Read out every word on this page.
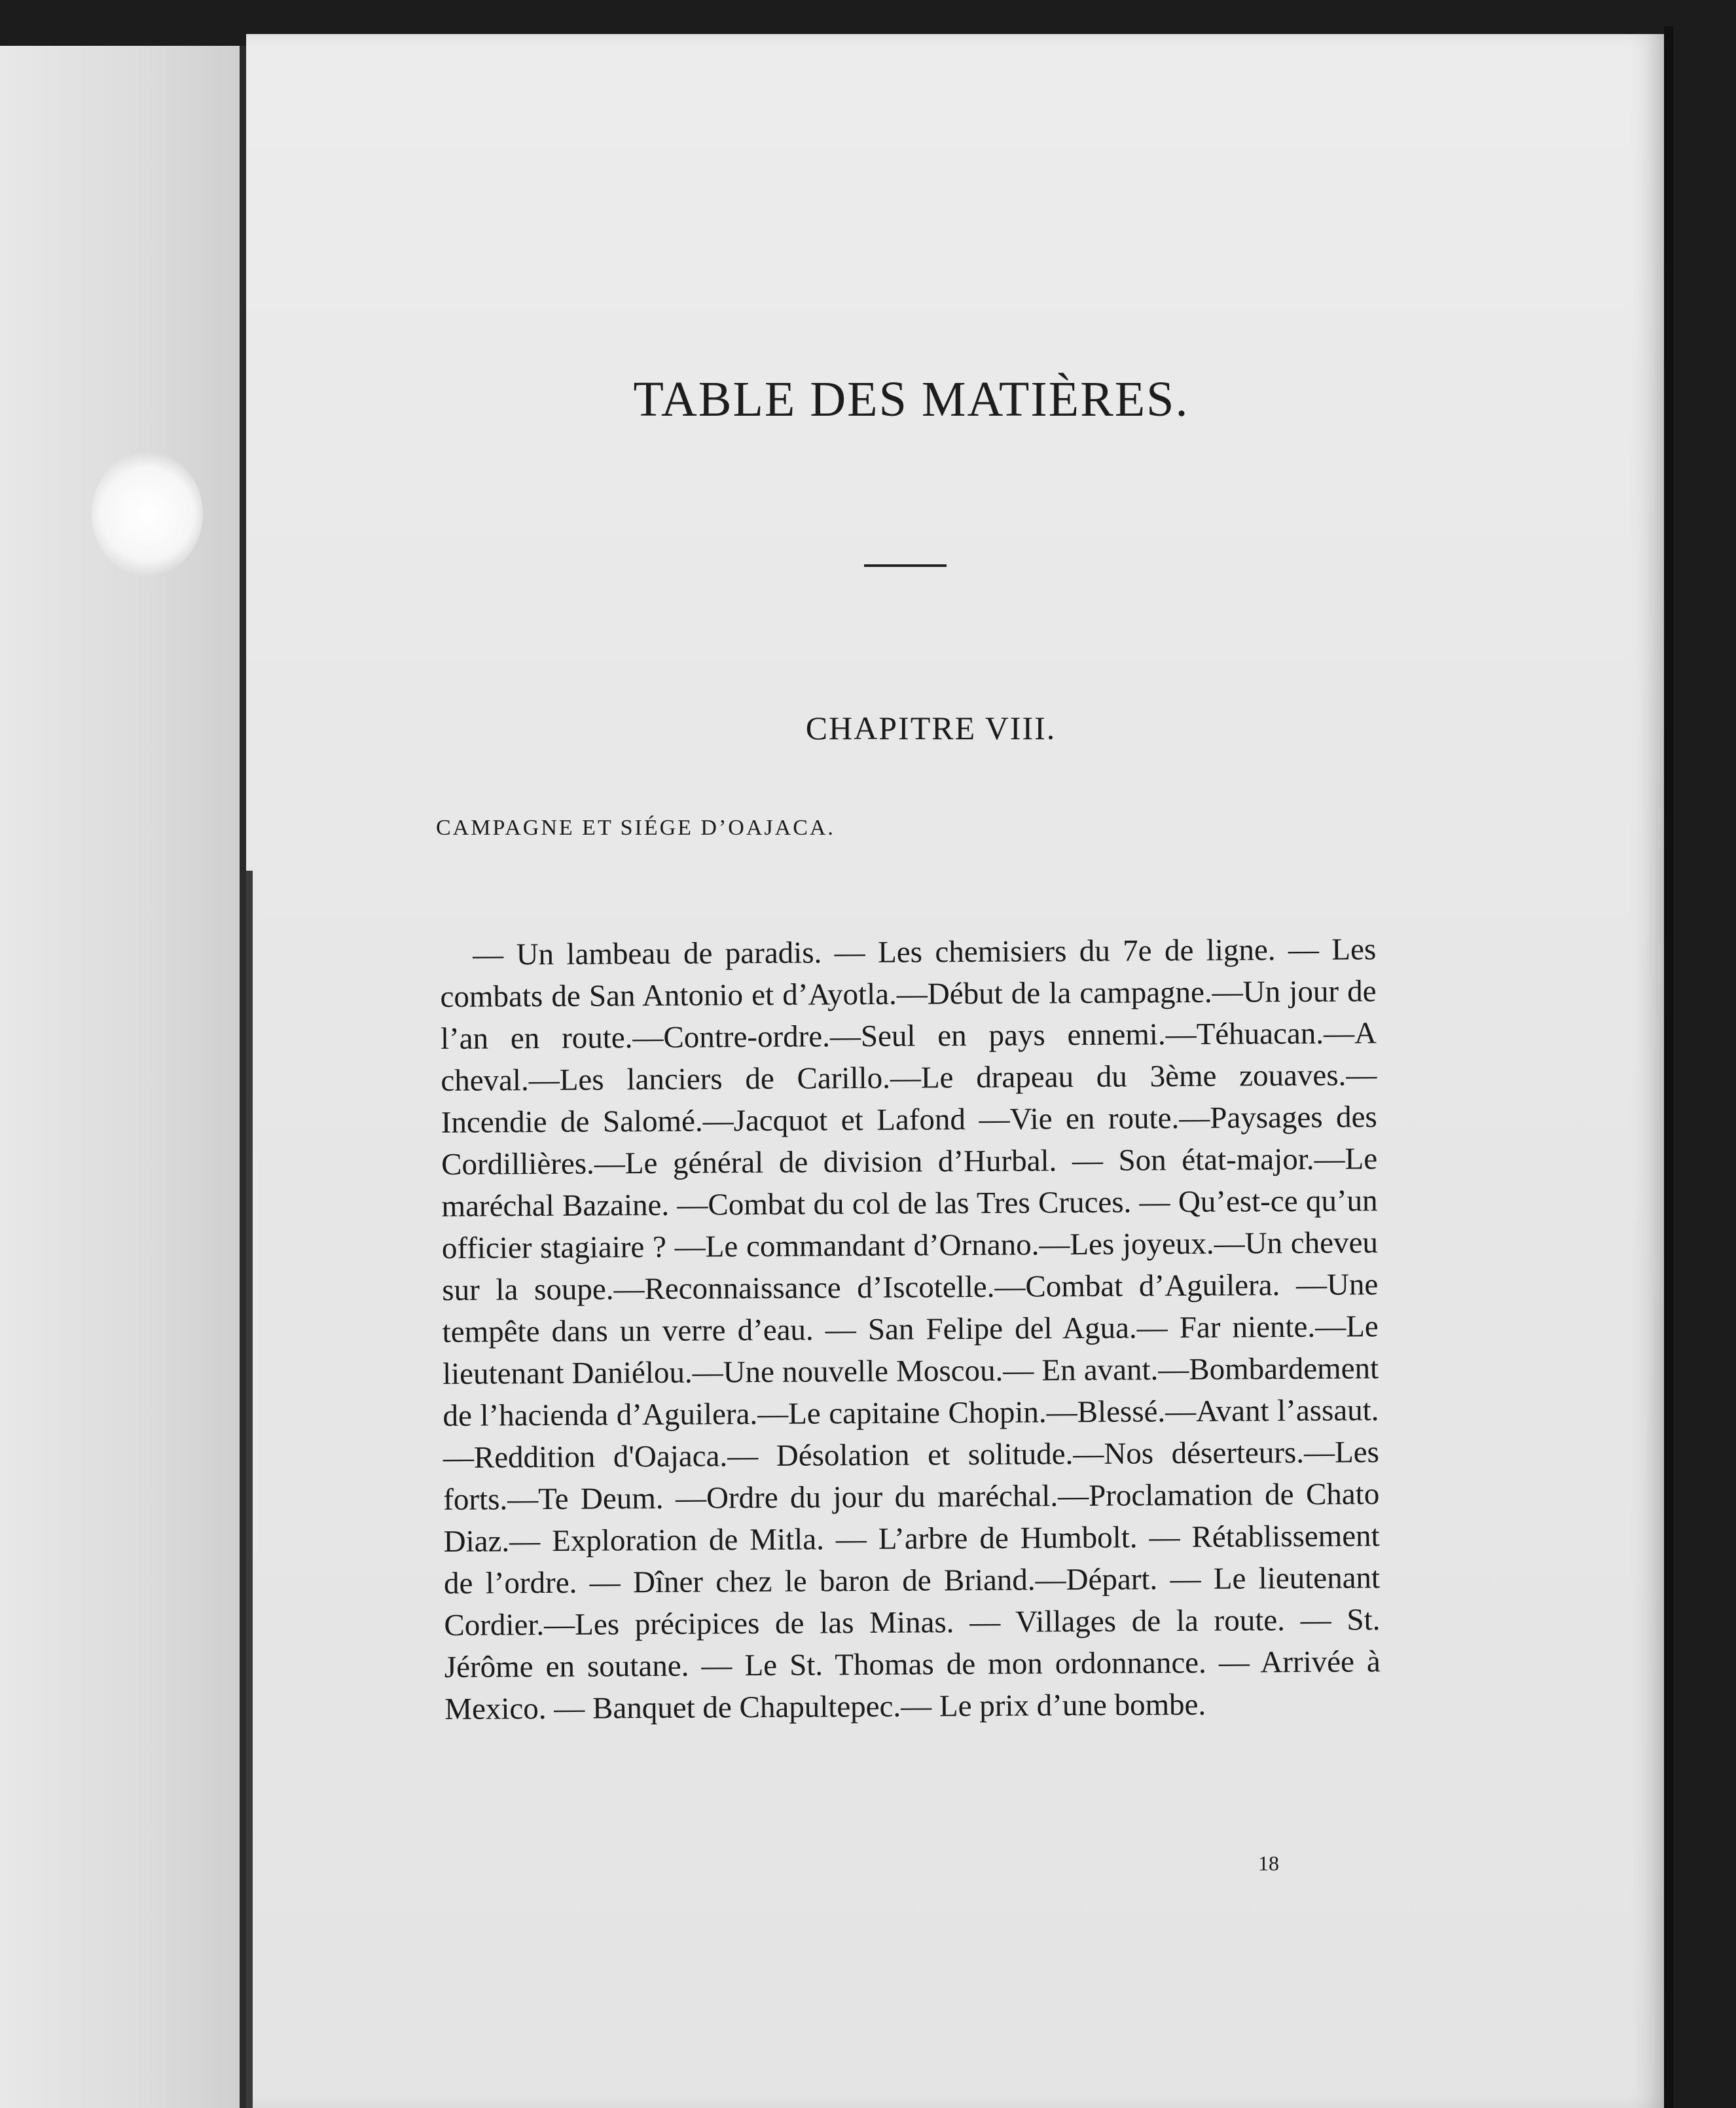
TABLE DES MATIÈRES.
CHAPITRE VIII.
CAMPAGNE ET SIÉGE D’OAJACA.

— Un lambeau de paradis. — Les chemisiers du 7e de ligne. — Les combats de San Antonio et d’Ayotla.—Début de la campagne.—Un jour de l’an en route.—Contre-ordre.—Seul en pays ennemi.—Téhuacan.—A cheval.—Les lanciers de Carillo.—Le drapeau du 3ème zouaves.—Incendie de Salomé.—Jacquot et Lafond —Vie en route.—Paysages des Cordillières.—Le général de division d’Hurbal. — Son état-major.—Le maréchal Bazaine. —Combat du col de las Tres Cruces. — Qu’est-ce qu’un officier stagiaire ? —Le commandant d’Ornano.—Les joyeux.—Un cheveu sur la soupe.—Reconnaissance d’Iscotelle.—Combat d’Aguilera. —Une tempête dans un verre d’eau. — San Felipe del Agua.— Far niente.—Le lieutenant Daniélou.—Une nouvelle Moscou.— En avant.—Bombardement de l’hacienda d’Aguilera.—Le capitaine Chopin.—Blessé.—Avant l’assaut. —Reddition d'Oajaca.— Désolation et solitude.—Nos déserteurs.—Les forts.—Te Deum. —Ordre du jour du maréchal.—Proclamation de Chato Diaz.— Exploration de Mitla. — L’arbre de Humbolt. — Rétablissement de l’ordre. — Dîner chez le baron de Briand.—Départ. — Le lieutenant Cordier.—Les précipices de las Minas. — Villages de la route. — St. Jérôme en soutane. — Le St. Thomas de mon ordonnance. — Arrivée à Mexico. — Banquet de Chapultepec.— Le prix d’une bombe.

18
